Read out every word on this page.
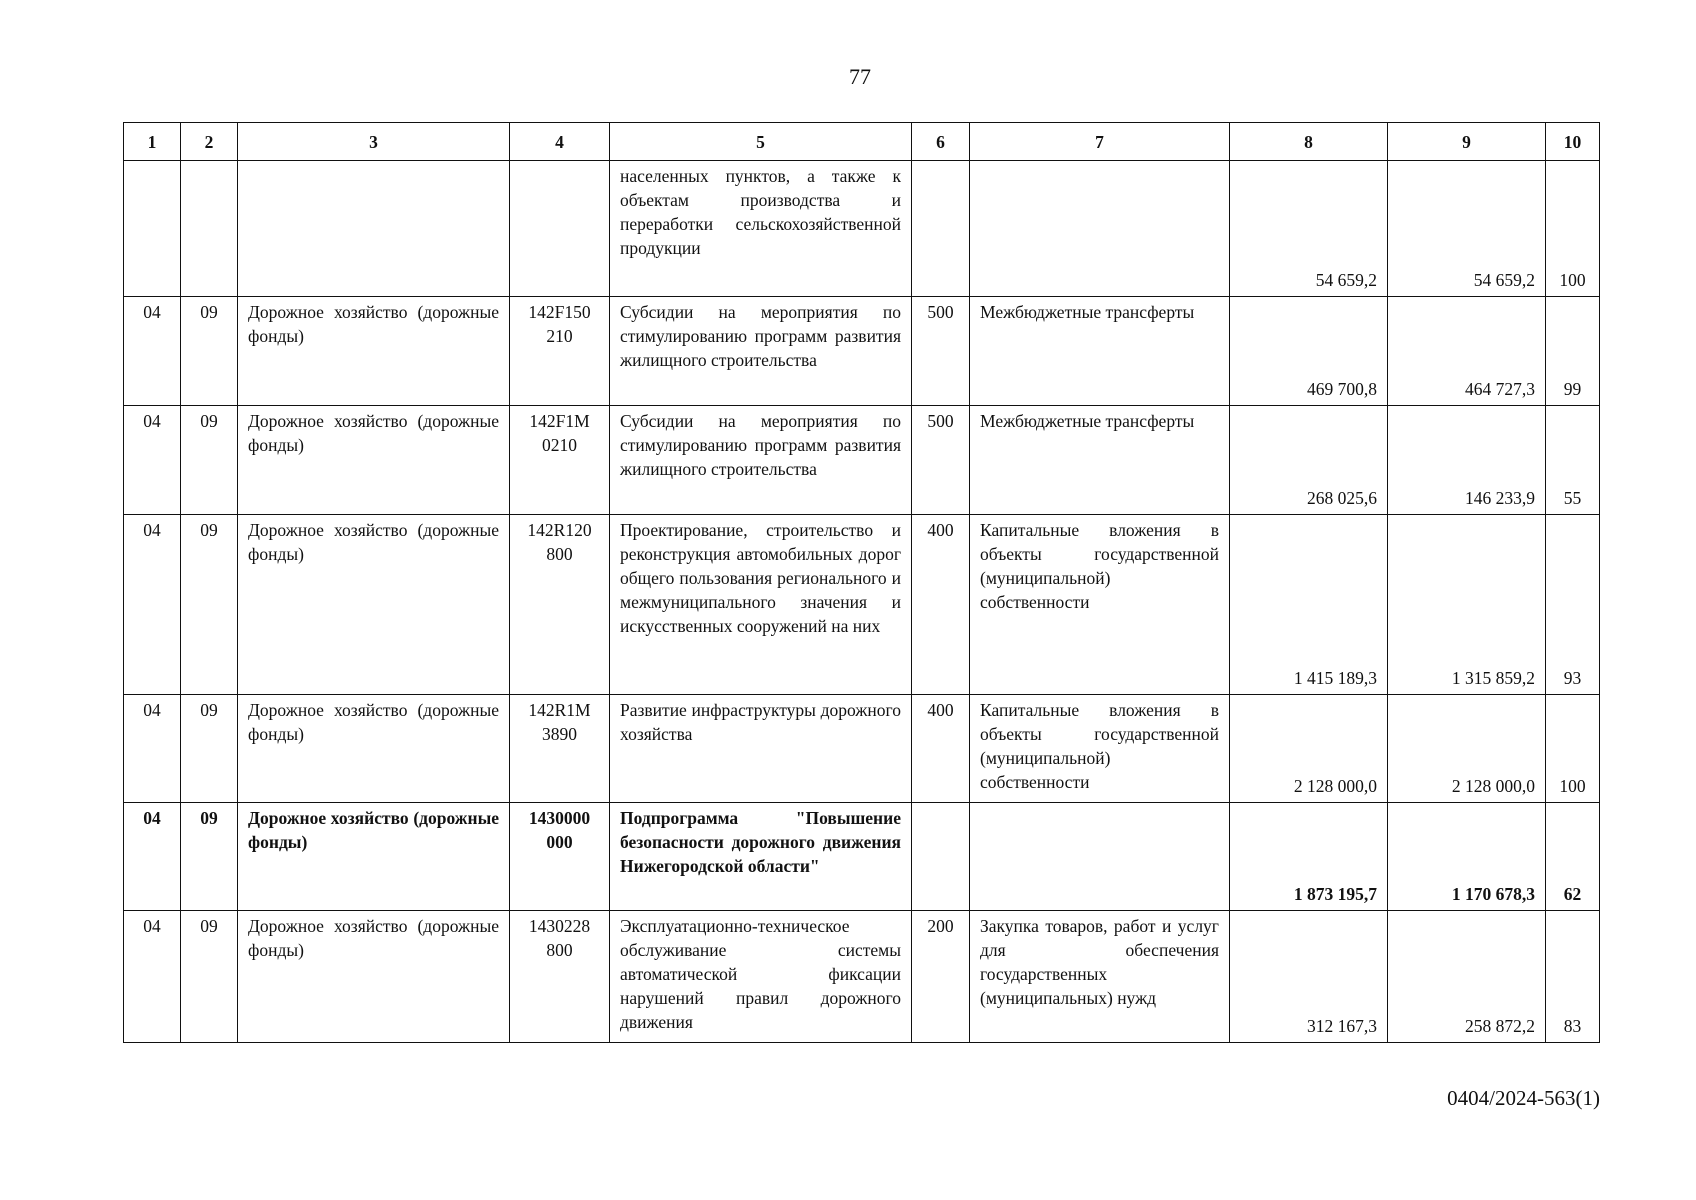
77
1	2	3	4	5	6	7	8	9	10
				населенных пунктов, а также к объектам производства и переработки сельскохозяйственной продукции			54 659,2	54 659,2	100
04	09	Дорожное хозяйство (дорожные фонды)	142F150 210	Субсидии на мероприятия по стимулированию программ развития жилищного строительства	500	Межбюджетные трансферты	469 700,8	464 727,3	99
04	09	Дорожное хозяйство (дорожные фонды)	142F1M 0210	Субсидии на мероприятия по стимулированию программ развития жилищного строительства	500	Межбюджетные трансферты	268 025,6	146 233,9	55
04	09	Дорожное хозяйство (дорожные фонды)	142R120 800	Проектирование, строительство и реконструкция автомобильных дорог общего пользования регионального и межмуниципального значения и искусственных сооружений на них	400	Капитальные вложения в объекты государственной (муниципальной) собственности	1 415 189,3	1 315 859,2	93
04	09	Дорожное хозяйство (дорожные фонды)	142R1M 3890	Развитие инфраструктуры дорожного хозяйства	400	Капитальные вложения в объекты государственной (муниципальной) собственности	2 128 000,0	2 128 000,0	100
04	09	Дорожное хозяйство (дорожные фонды)	1430000 000	Подпрограмма "Повышение безопасности дорожного движения Нижегородской области"			1 873 195,7	1 170 678,3	62
04	09	Дорожное хозяйство (дорожные фонды)	1430228 800	Эксплуатационно-техническое обслуживание системы автоматической фиксации нарушений правил дорожного движения	200	Закупка товаров, работ и услуг для обеспечения государственных (муниципальных) нужд	312 167,3	258 872,2	83
0404/2024-563(1)
